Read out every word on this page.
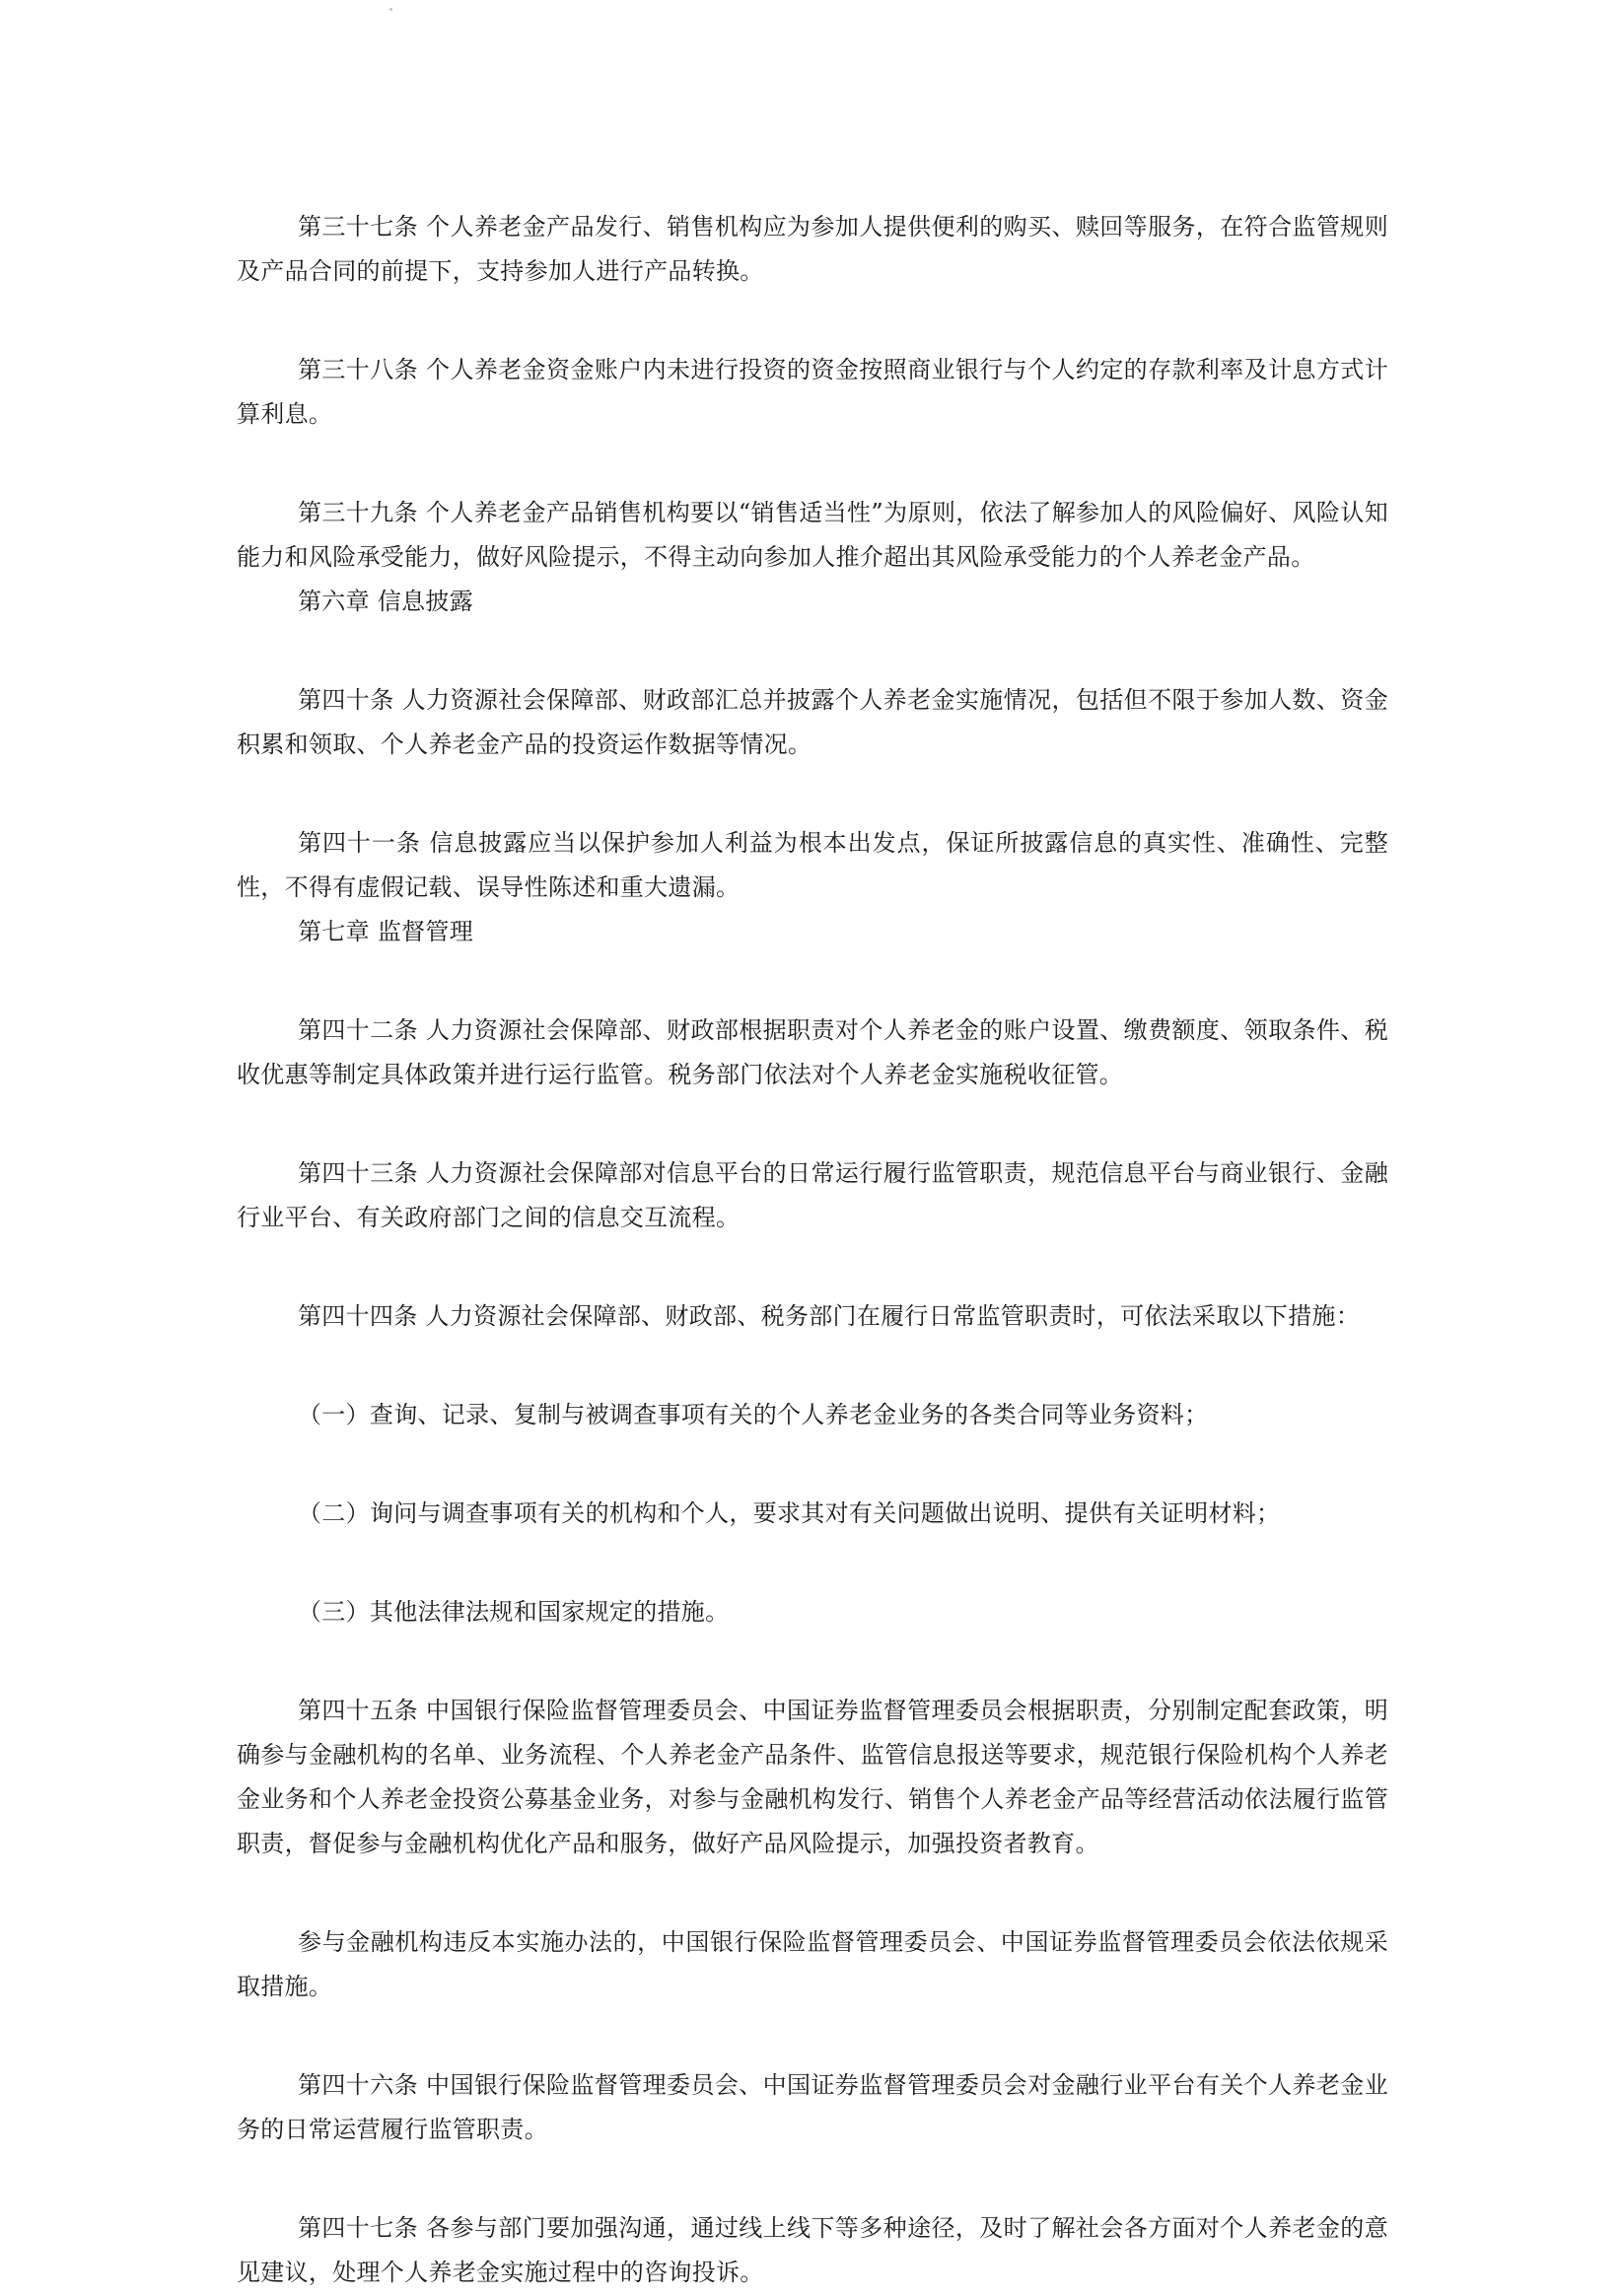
第三十七条 个人养老金产品发行、销售机构应为参加人提供便利的购买、赎回等服务，在符合监管规则及产品合同的前提下，支持参加人进行产品转换。

第三十八条 个人养老金资金账户内未进行投资的资金按照商业银行与个人约定的存款利率及计息方式计算利息。

第三十九条 个人养老金产品销售机构要以“销售适当性”为原则，依法了解参加人的风险偏好、风险认知能力和风险承受能力，做好风险提示，不得主动向参加人推介超出其风险承受能力的个人养老金产品。

第六章 信息披露

第四十条 人力资源社会保障部、财政部汇总并披露个人养老金实施情况，包括但不限于参加人数、资金积累和领取、个人养老金产品的投资运作数据等情况。

第四十一条 信息披露应当以保护参加人利益为根本出发点，保证所披露信息的真实性、准确性、完整性，不得有虚假记载、误导性陈述和重大遗漏。

第七章 监督管理

第四十二条 人力资源社会保障部、财政部根据职责对个人养老金的账户设置、缴费额度、领取条件、税收优惠等制定具体政策并进行运行监管。税务部门依法对个人养老金实施税收征管。

第四十三条 人力资源社会保障部对信息平台的日常运行履行监管职责，规范信息平台与商业银行、金融行业平台、有关政府部门之间的信息交互流程。

第四十四条 人力资源社会保障部、财政部、税务部门在履行日常监管职责时，可依法采取以下措施：

（一）查询、记录、复制与被调查事项有关的个人养老金业务的各类合同等业务资料；

（二）询问与调查事项有关的机构和个人，要求其对有关问题做出说明、提供有关证明材料；

（三）其他法律法规和国家规定的措施。

第四十五条 中国银行保险监督管理委员会、中国证券监督管理委员会根据职责，分别制定配套政策，明确参与金融机构的名单、业务流程、个人养老金产品条件、监管信息报送等要求，规范银行保险机构个人养老金业务和个人养老金投资公募基金业务，对参与金融机构发行、销售个人养老金产品等经营活动依法履行监管职责，督促参与金融机构优化产品和服务，做好产品风险提示，加强投资者教育。

参与金融机构违反本实施办法的，中国银行保险监督管理委员会、中国证券监督管理委员会依法依规采取措施。

第四十六条 中国银行保险监督管理委员会、中国证券监督管理委员会对金融行业平台有关个人养老金业务的日常运营履行监管职责。

第四十七条 各参与部门要加强沟通，通过线上线下等多种途径，及时了解社会各方面对个人养老金的意见建议，处理个人养老金实施过程中的咨询投诉。
